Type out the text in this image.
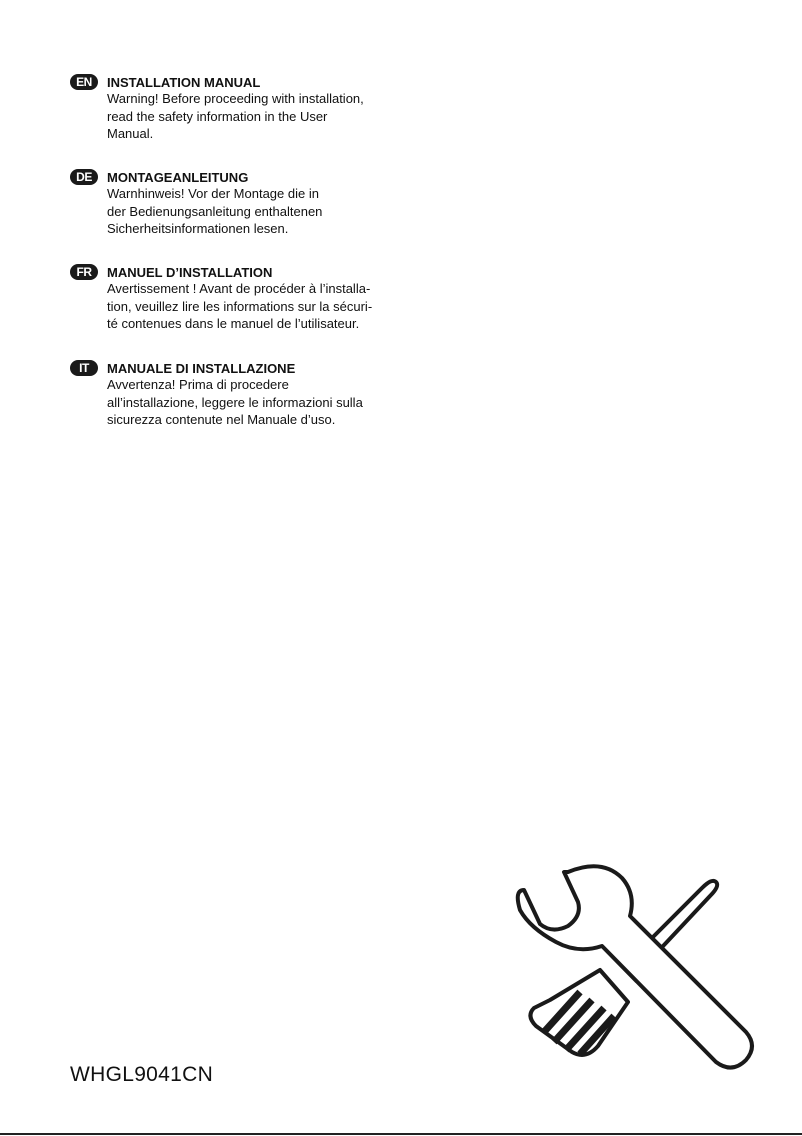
EN	INSTALLATION MANUAL
Warning! Before proceeding with installation,
read the safety information in the User
Manual.
DE	MONTAGEANLEITUNG
Warnhinweis! Vor der Montage die in
der Bedienungsanleitung enthaltenen
Sicherheitsinformationen lesen.
FR	MANUEL D’INSTALLATION
Avertissement ! Avant de procéder à l’installa-
tion, veuillez lire les informations sur la sécuri-
té contenues dans le manuel de l’utilisateur.
IT	MANUALE DI INSTALLAZIONE
Avvertenza! Prima di procedere
all’installazione, leggere le informazioni sulla
sicurezza contenute nel Manuale d’uso.
WHGL9041CN
